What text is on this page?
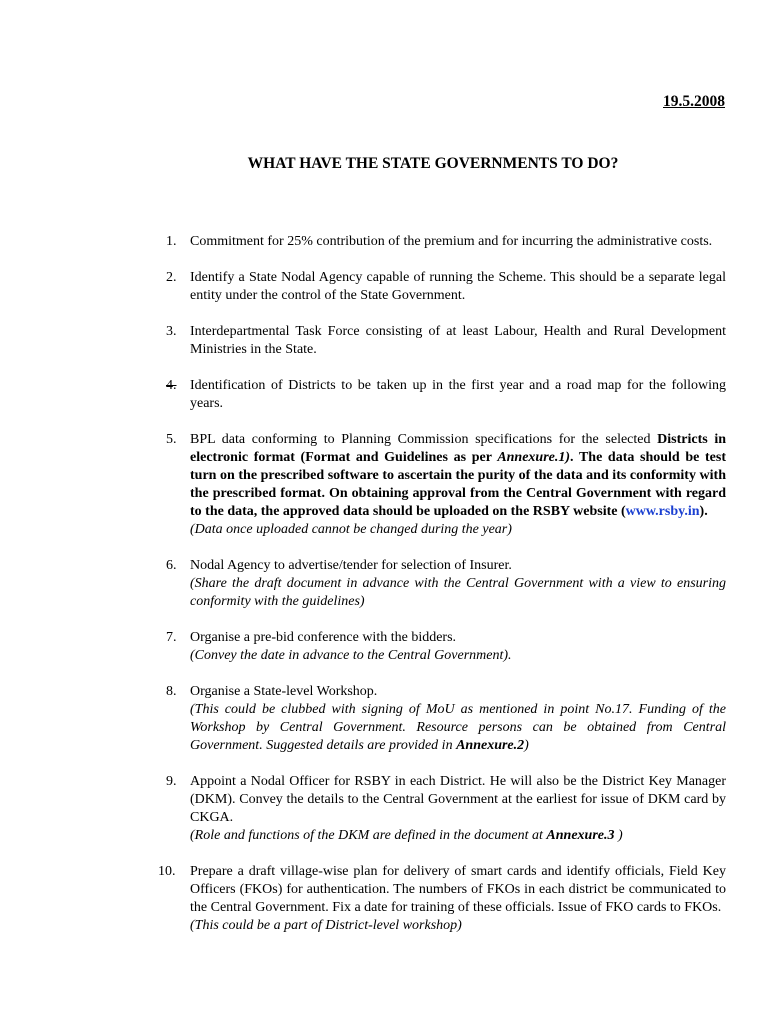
19.5.2008
WHAT HAVE THE STATE GOVERNMENTS TO DO?
1. Commitment for 25% contribution of the premium and for incurring the administrative costs.
2. Identify a State Nodal Agency capable of running the Scheme. This should be a separate legal entity under the control of the State Government.
3. Interdepartmental Task Force consisting of at least Labour, Health and Rural Development Ministries in the State.
4. Identification of Districts to be taken up in the first year and a road map for the following years.
5. BPL data conforming to Planning Commission specifications for the selected Districts in electronic format (Format and Guidelines as per Annexure.1). The data should be test turn on the prescribed software to ascertain the purity of the data and its conformity with the prescribed format. On obtaining approval from the Central Government with regard to the data, the approved data should be uploaded on the RSBY website (www.rsby.in).
(Data once uploaded cannot be changed during the year)
6. Nodal Agency to advertise/tender for selection of Insurer.
(Share the draft document in advance with the Central Government with a view to ensuring conformity with the guidelines)
7. Organise a pre-bid conference with the bidders.
(Convey the date in advance to the Central Government).
8. Organise a State-level Workshop.
(This could be clubbed with signing of MoU as mentioned in point No.17. Funding of the Workshop by Central Government. Resource persons can be obtained from Central Government. Suggested details are provided in Annexure.2)
9. Appoint a Nodal Officer for RSBY in each District. He will also be the District Key Manager (DKM). Convey the details to the Central Government at the earliest for issue of DKM card by CKGA.
(Role and functions of the DKM are defined in the document at Annexure.3 )
10. Prepare a draft village-wise plan for delivery of smart cards and identify officials, Field Key Officers (FKOs) for authentication. The numbers of FKOs in each district be communicated to the Central Government. Fix a date for training of these officials. Issue of FKO cards to FKOs.
(This could be a part of District-level workshop)
